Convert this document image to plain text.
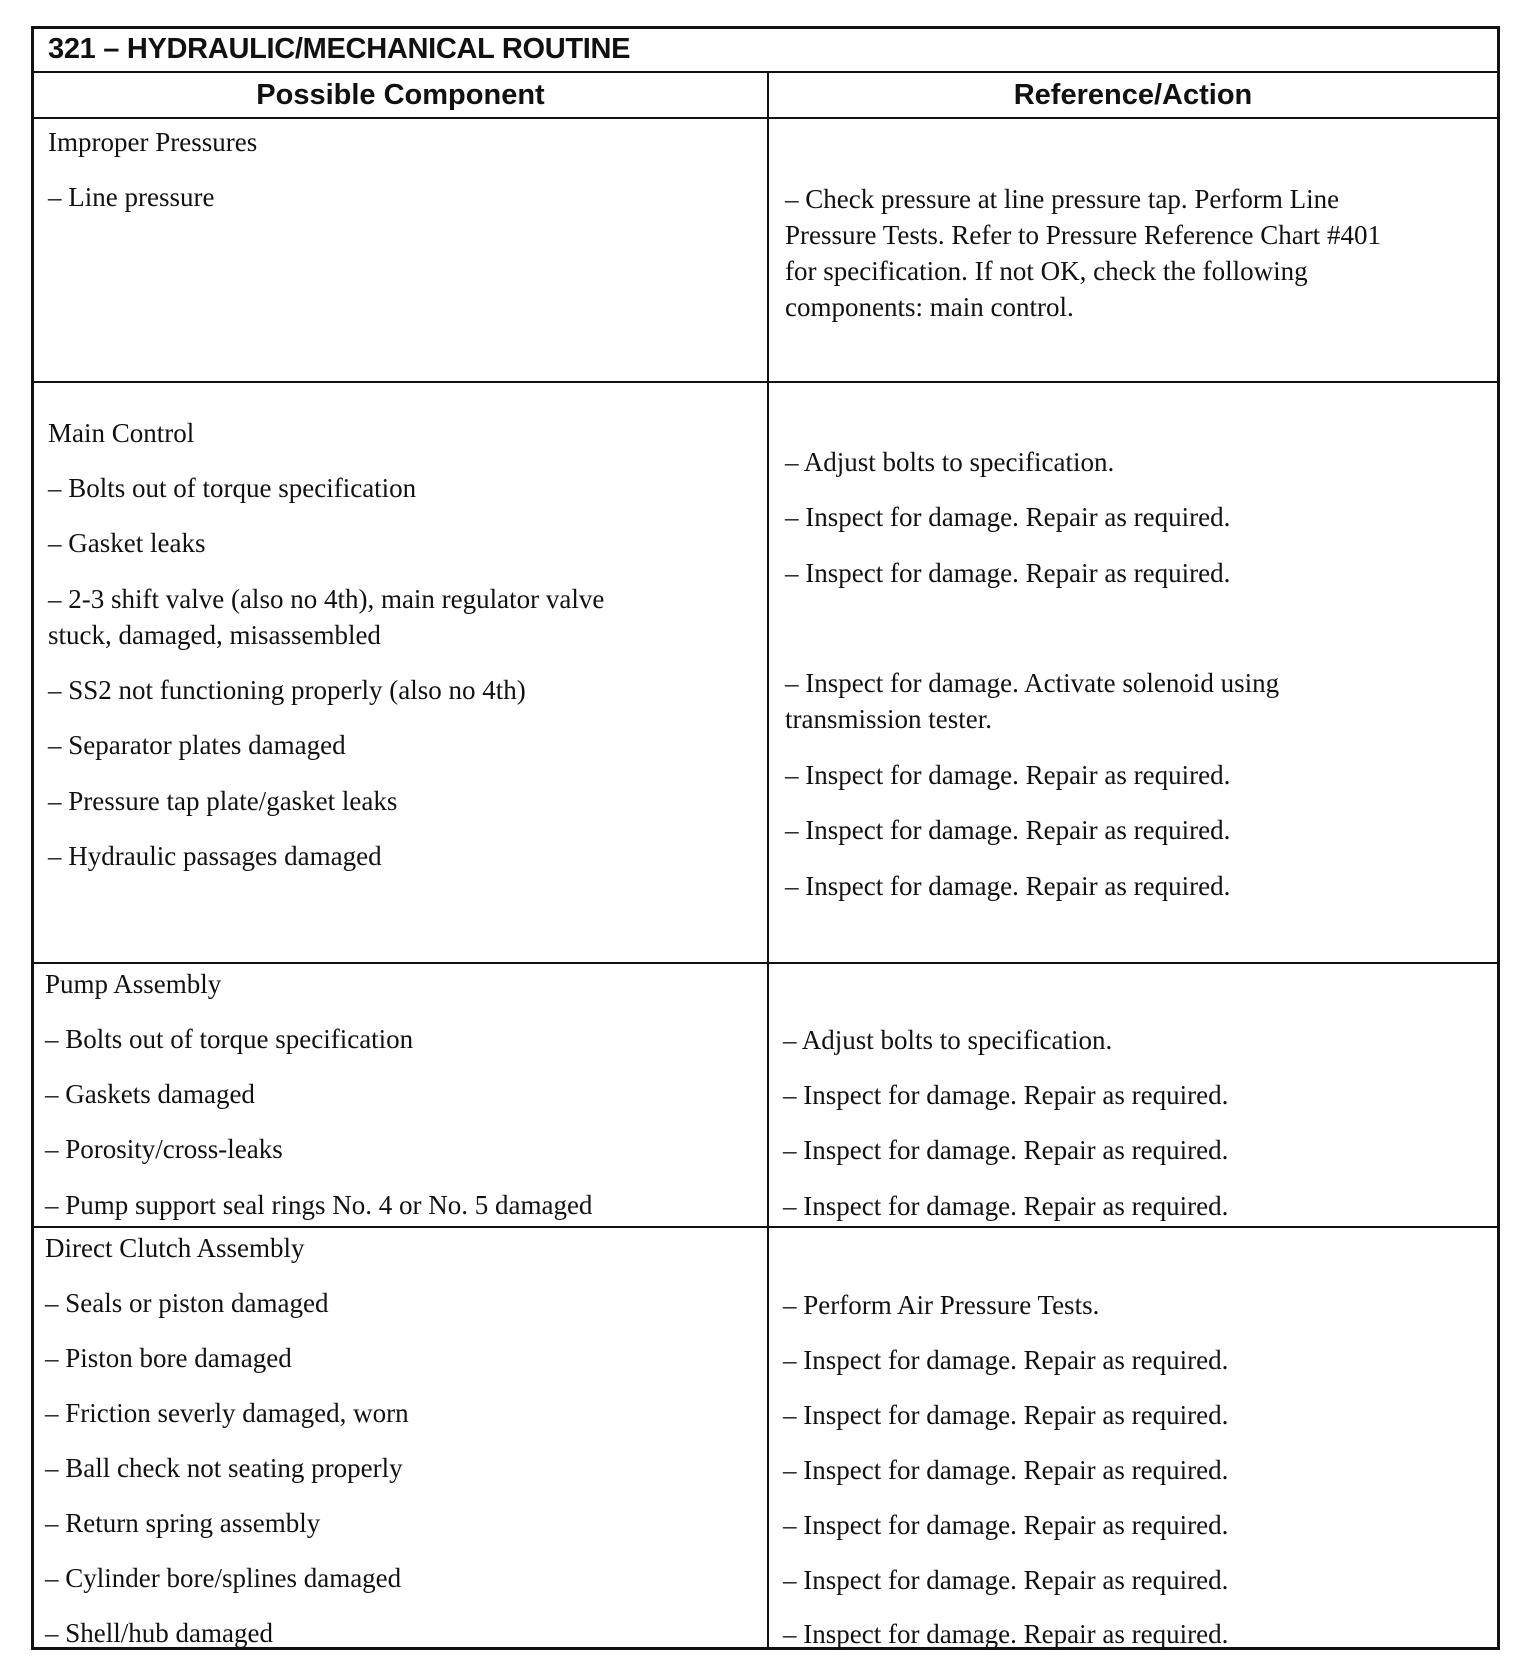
321 – HYDRAULIC/MECHANICAL ROUTINE
Possible Component	Reference/Action
Improper Pressures
– Line pressure	– Check pressure at line pressure tap. Perform Line
Pressure Tests. Refer to Pressure Reference Chart #401
for specification. If not OK, check the following
components: main control.
Main Control
– Bolts out of torque specification
– Gasket leaks
– 2-3 shift valve (also no 4th), main regulator valve
stuck, damaged, misassembled
– SS2 not functioning properly (also no 4th)
– Separator plates damaged
– Pressure tap plate/gasket leaks
– Hydraulic passages damaged
– Adjust bolts to specification.
– Inspect for damage. Repair as required.
– Inspect for damage. Repair as required.
– Inspect for damage. Activate solenoid using
transmission tester.
– Inspect for damage. Repair as required.
– Inspect for damage. Repair as required.
– Inspect for damage. Repair as required.
Pump Assembly
– Bolts out of torque specification
– Gaskets damaged
– Porosity/cross-leaks
– Pump support seal rings No. 4 or No. 5 damaged
– Adjust bolts to specification.
– Inspect for damage. Repair as required.
– Inspect for damage. Repair as required.
– Inspect for damage. Repair as required.
Direct Clutch Assembly
– Seals or piston damaged
– Piston bore damaged
– Friction severly damaged, worn
– Ball check not seating properly
– Return spring assembly
– Cylinder bore/splines damaged
– Shell/hub damaged
– Perform Air Pressure Tests.
– Inspect for damage. Repair as required.
– Inspect for damage. Repair as required.
– Inspect for damage. Repair as required.
– Inspect for damage. Repair as required.
– Inspect for damage. Repair as required.
– Inspect for damage. Repair as required.
